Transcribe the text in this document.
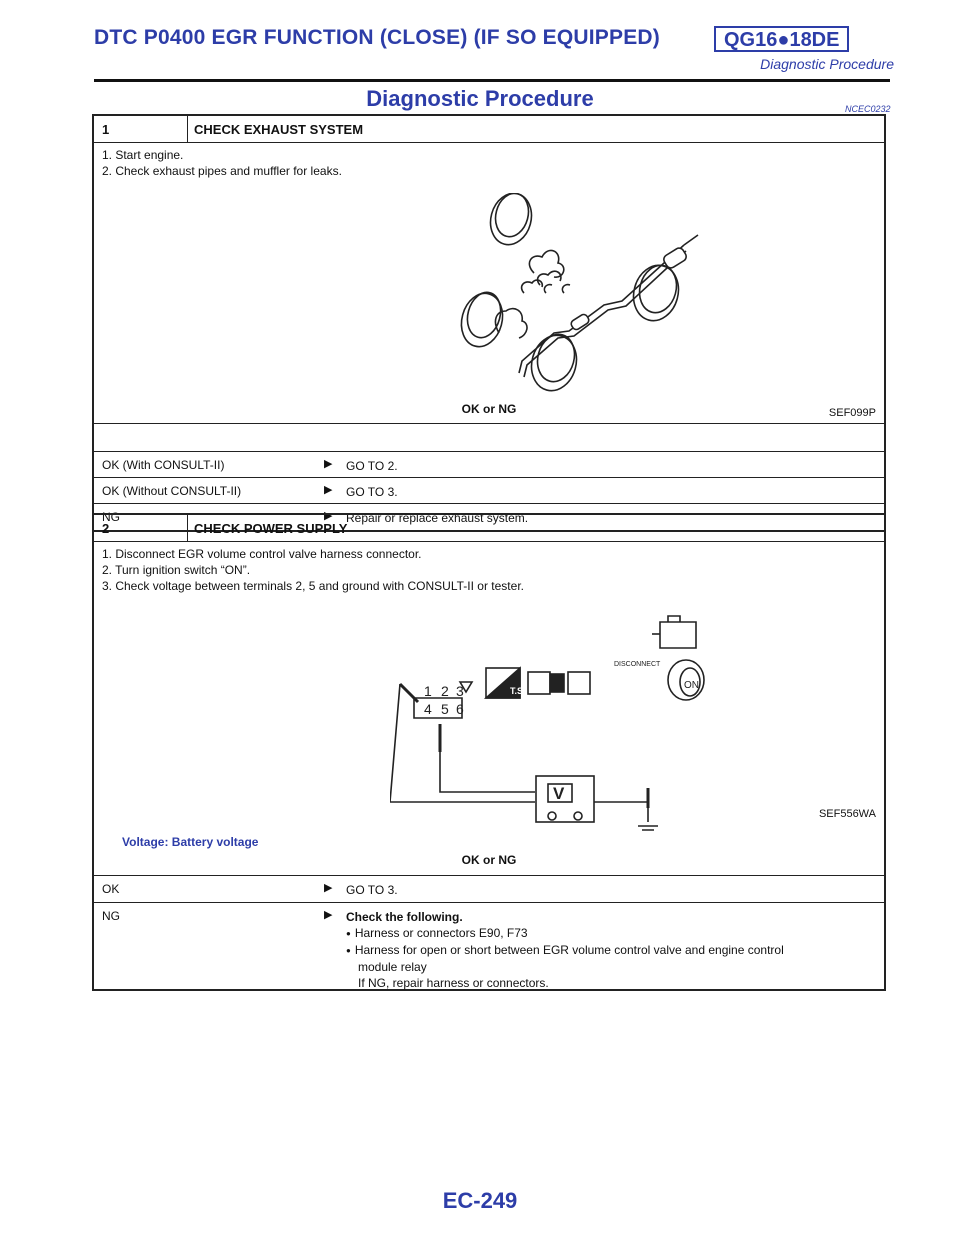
DTC P0400 EGR FUNCTION (CLOSE) (IF SO EQUIPPED)	QG16●18DE
Diagnostic Procedure
Diagnostic Procedure	NCEC0232
1	CHECK EXHAUST SYSTEM
1. Start engine.
2. Check exhaust pipes and muffler for leaks.
SEF099P
OK or NG
OK (With CONSULT-II)	▶ GO TO 2.
OK (Without CONSULT-II)	▶ GO TO 3.
NG	▶ Repair or replace exhaust system.
2	CHECK POWER SUPPLY
1. Disconnect EGR volume control valve harness connector.
2. Turn ignition switch “ON”.
3. Check voltage between terminals 2, 5 and ground with CONSULT-II or tester.
2
1 3
4 5 6
T.S.
DISCONNECT
ON
V
Voltage: Battery voltage
SEF556WA
OK or NG
OK	▶ GO TO 3.
NG	▶ Check the following.
● Harness or connectors E90, F73
● Harness for open or short between EGR volume control valve and engine control
module relay
If NG, repair harness or connectors.
EC-249
